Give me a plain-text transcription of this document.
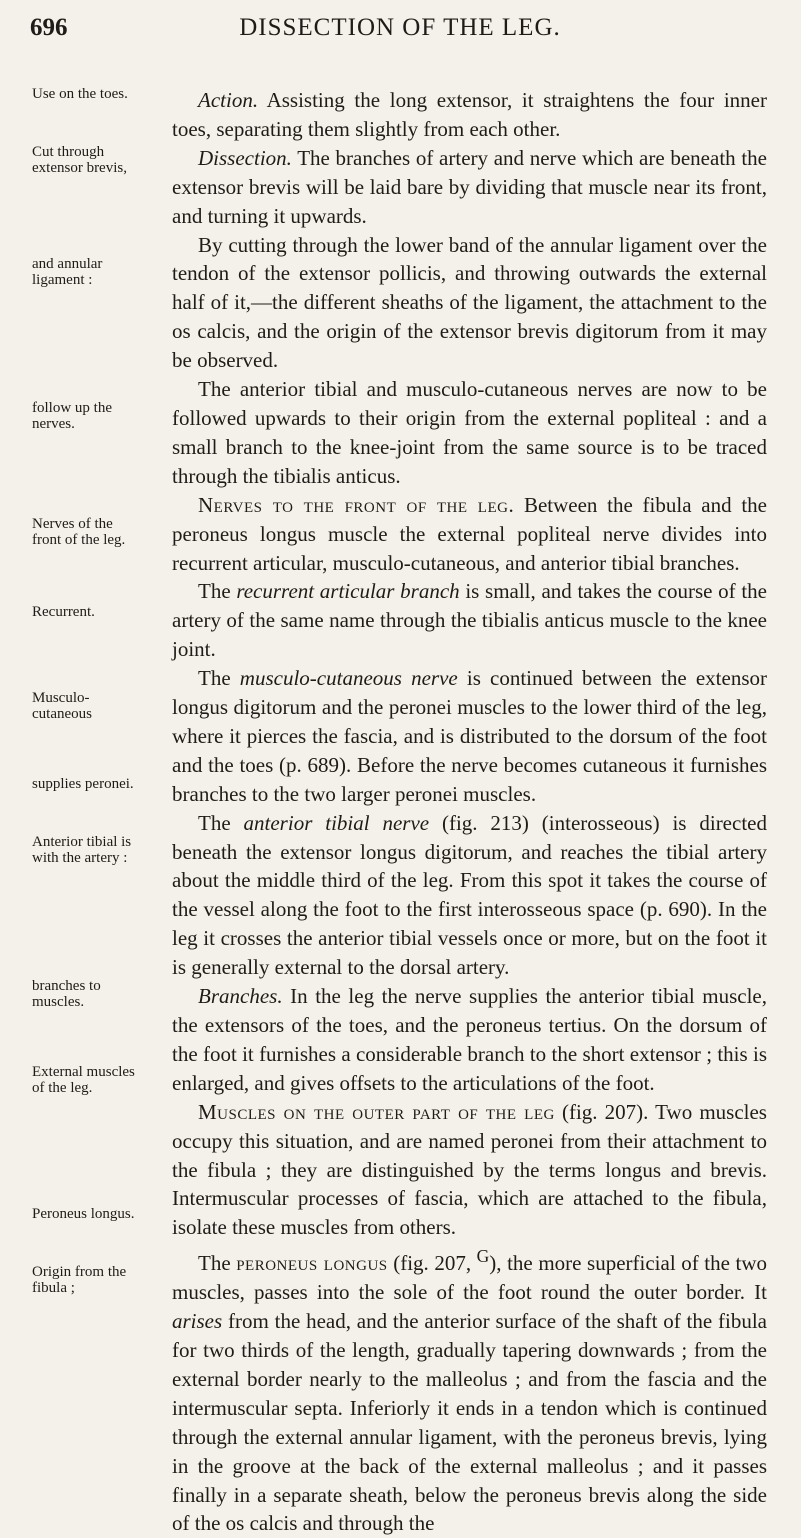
696	DISSECTION OF THE LEG.
Use on the toes.
Cut through extensor brevis,
and annular ligament :
follow up the nerves.
Nerves of the front of the leg.
Recurrent.
Musculo-cutaneous
supplies peronei.
Anterior tibial is with the artery :
branches to muscles.
External muscles of the leg.
Peroneus longus.
Origin from the fibula ;

Action. Assisting the long extensor, it straightens the four inner toes, separating them slightly from each other.

Dissection. The branches of artery and nerve which are beneath the extensor brevis will be laid bare by dividing that muscle near its front, and turning it upwards.

By cutting through the lower band of the annular ligament over the tendon of the extensor pollicis, and throwing outwards the external half of it,—the different sheaths of the ligament, the attachment to the os calcis, and the origin of the extensor brevis digitorum from it may be observed.

The anterior tibial and musculo-cutaneous nerves are now to be followed upwards to their origin from the external popliteal : and a small branch to the knee-joint from the same source is to be traced through the tibialis anticus.

Nerves to the front of the leg. Between the fibula and the peroneus longus muscle the external popliteal nerve divides into recurrent articular, musculo-cutaneous, and anterior tibial branches.

The recurrent articular branch is small, and takes the course of the artery of the same name through the tibialis anticus muscle to the knee joint.

The musculo-cutaneous nerve is continued between the extensor longus digitorum and the peronei muscles to the lower third of the leg, where it pierces the fascia, and is distributed to the dorsum of the foot and the toes (p. 689). Before the nerve becomes cutaneous it furnishes branches to the two larger peronei muscles.

The anterior tibial nerve (fig. 213) (interosseous) is directed beneath the extensor longus digitorum, and reaches the tibial artery about the middle third of the leg. From this spot it takes the course of the vessel along the foot to the first interosseous space (p. 690). In the leg it crosses the anterior tibial vessels once or more, but on the foot it is generally external to the dorsal artery.

Branches. In the leg the nerve supplies the anterior tibial muscle, the extensors of the toes, and the peroneus tertius. On the dorsum of the foot it furnishes a considerable branch to the short extensor ; this is enlarged, and gives offsets to the articulations of the foot.

Muscles on the outer part of the leg (fig. 207). Two muscles occupy this situation, and are named peronei from their attachment to the fibula ; they are distinguished by the terms longus and brevis. Intermuscular processes of fascia, which are attached to the fibula, isolate these muscles from others.

The peroneus longus (fig. 207, $^G$), the more superficial of the two muscles, passes into the sole of the foot round the outer border. It arises from the head, and the anterior surface of the shaft of the fibula for two thirds of the length, gradually tapering downwards ; from the external border nearly to the malleolus ; and from the fascia and the intermuscular septa. Inferiorly it ends in a tendon which is continued through the external annular ligament, with the peroneus brevis, lying in the groove at the back of the external malleolus ; and it passes finally in a separate sheath, below the peroneus brevis along the side of the os calcis and through the
